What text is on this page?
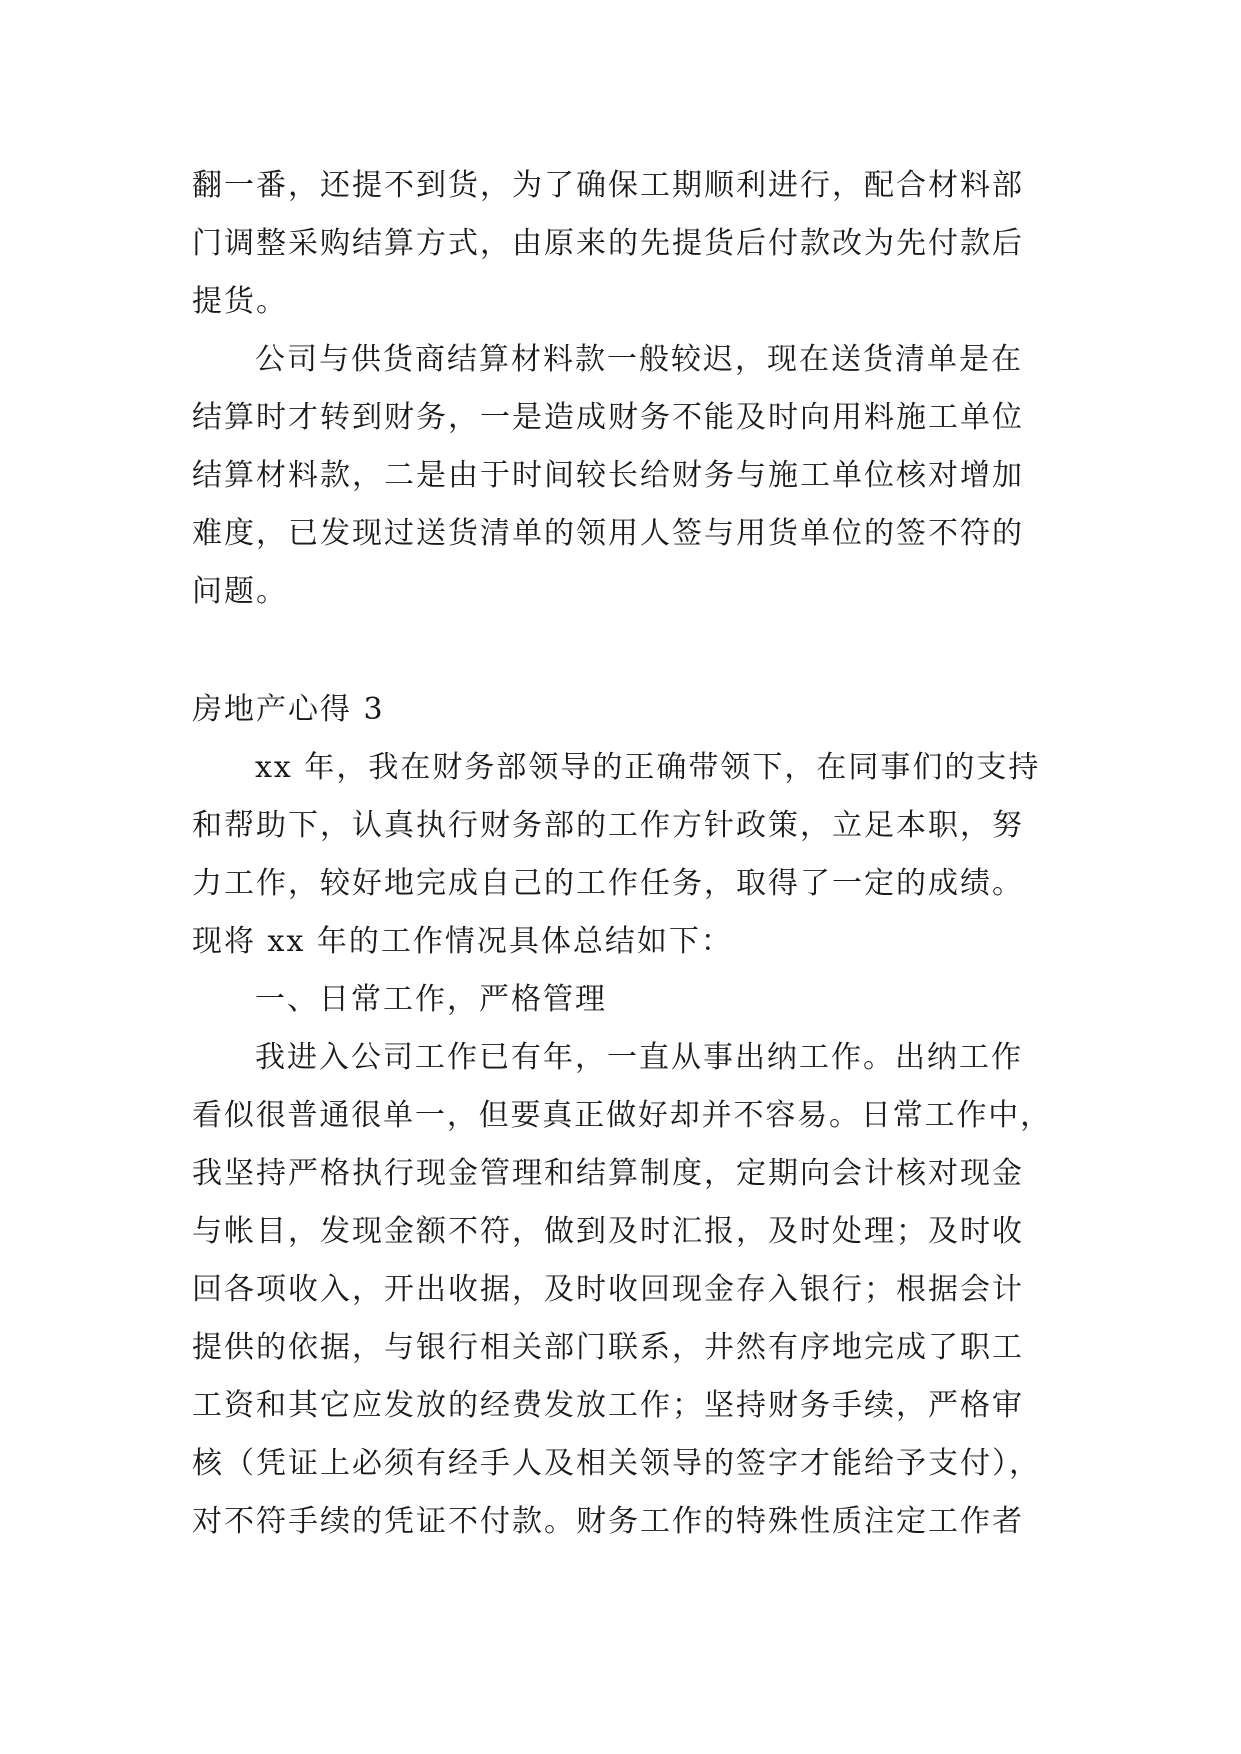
翻一番，还提不到货，为了确保工期顺利进行，配合材料部
门调整采购结算方式，由原来的先提货后付款改为先付款后
提货。
公司与供货商结算材料款一般较迟，现在送货清单是在
结算时才转到财务，一是造成财务不能及时向用料施工单位
结算材料款，二是由于时间较长给财务与施工单位核对增加
难度，已发现过送货清单的领用人签与用货单位的签不符的
问题。
房地产心得 3
xx 年，我在财务部领导的正确带领下，在同事们的支持
和帮助下，认真执行财务部的工作方针政策，立足本职，努
力工作，较好地完成自己的工作任务，取得了一定的成绩。
现将 xx 年的工作情况具体总结如下：
一、日常工作，严格管理
我进入公司工作已有年，一直从事出纳工作。出纳工作
看似很普通很单一，但要真正做好却并不容易。日常工作中，
我坚持严格执行现金管理和结算制度，定期向会计核对现金
与帐目，发现金额不符，做到及时汇报，及时处理；及时收
回各项收入，开出收据，及时收回现金存入银行；根据会计
提供的依据，与银行相关部门联系，井然有序地完成了职工
工资和其它应发放的经费发放工作；坚持财务手续，严格审
核（凭证上必须有经手人及相关领导的签字才能给予支付），
对不符手续的凭证不付款。财务工作的特殊性质注定工作者
